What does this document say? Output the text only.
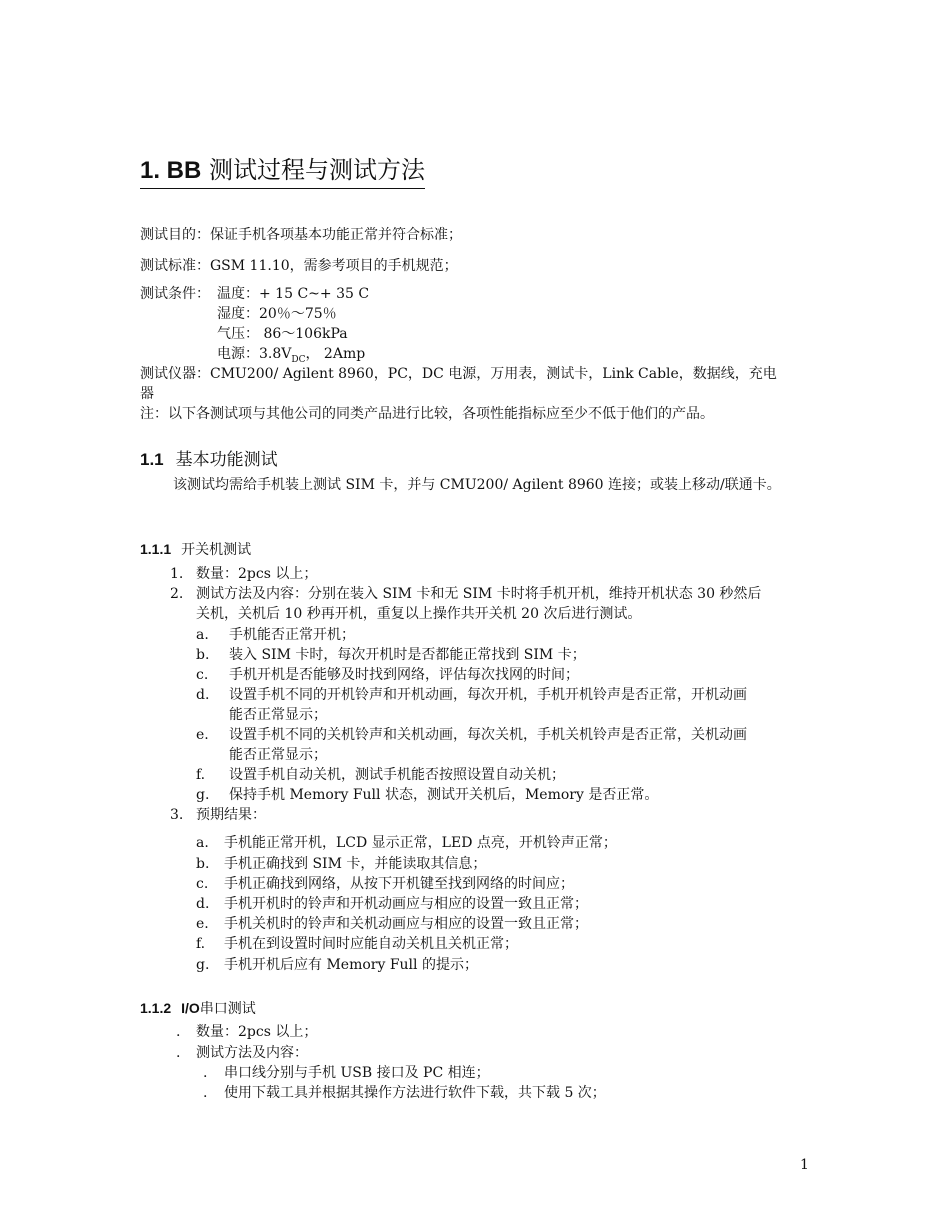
1. BB 测试过程与测试方法
测试目的：保证手机各项基本功能正常并符合标准；
测试标准：GSM 11.10，需参考项目的手机规范；
测试条件： 温度：+ 15 C~+ 35 C
湿度：20％～75％
气压： 86～106kPa
电源：$3.8V_{DC}$， 2Amp
测试仪器：CMU200/ Agilent 8960，PC，DC 电源，万用表，测试卡，Link Cable，数据线，充电
器
注：以下各测试项与其他公司的同类产品进行比较，各项性能指标应至少不低于他们的产品。
1.1 基本功能测试
该测试均需给手机装上测试 SIM 卡，并与 CMU200/ Agilent 8960 连接；或装上移动/联通卡。
1.1.1 开关机测试
1. 数量：2pcs 以上；
2. 测试方法及内容：分别在装入 SIM 卡和无 SIM 卡时将手机开机，维持开机状态 30 秒然后
关机，关机后 10 秒再开机，重复以上操作共开关机 20 次后进行测试。
a. 手机能否正常开机；
b. 装入 SIM 卡时，每次开机时是否都能正常找到 SIM 卡；
c. 手机开机是否能够及时找到网络，评估每次找网的时间；
d. 设置手机不同的开机铃声和开机动画，每次开机，手机开机铃声是否正常，开机动画
能否正常显示；
e. 设置手机不同的关机铃声和关机动画，每次关机，手机关机铃声是否正常，关机动画
能否正常显示；
f. 设置手机自动关机，测试手机能否按照设置自动关机；
g. 保持手机 Memory Full 状态，测试开关机后，Memory 是否正常。
3. 预期结果：
a. 手机能正常开机，LCD 显示正常，LED 点亮，开机铃声正常；
b. 手机正确找到 SIM 卡，并能读取其信息；
c. 手机正确找到网络，从按下开机键至找到网络的时间应；
d. 手机开机时的铃声和开机动画应与相应的设置一致且正常；
e. 手机关机时的铃声和关机动画应与相应的设置一致且正常；
f. 手机在到设置时间时应能自动关机且关机正常；
g. 手机开机后应有 Memory Full 的提示；
1.1.2 I/O串口测试
. 数量：2pcs 以上；
. 测试方法及内容：
. 串口线分别与手机 USB 接口及 PC 相连；
. 使用下载工具并根据其操作方法进行软件下载，共下载 5 次；
1
